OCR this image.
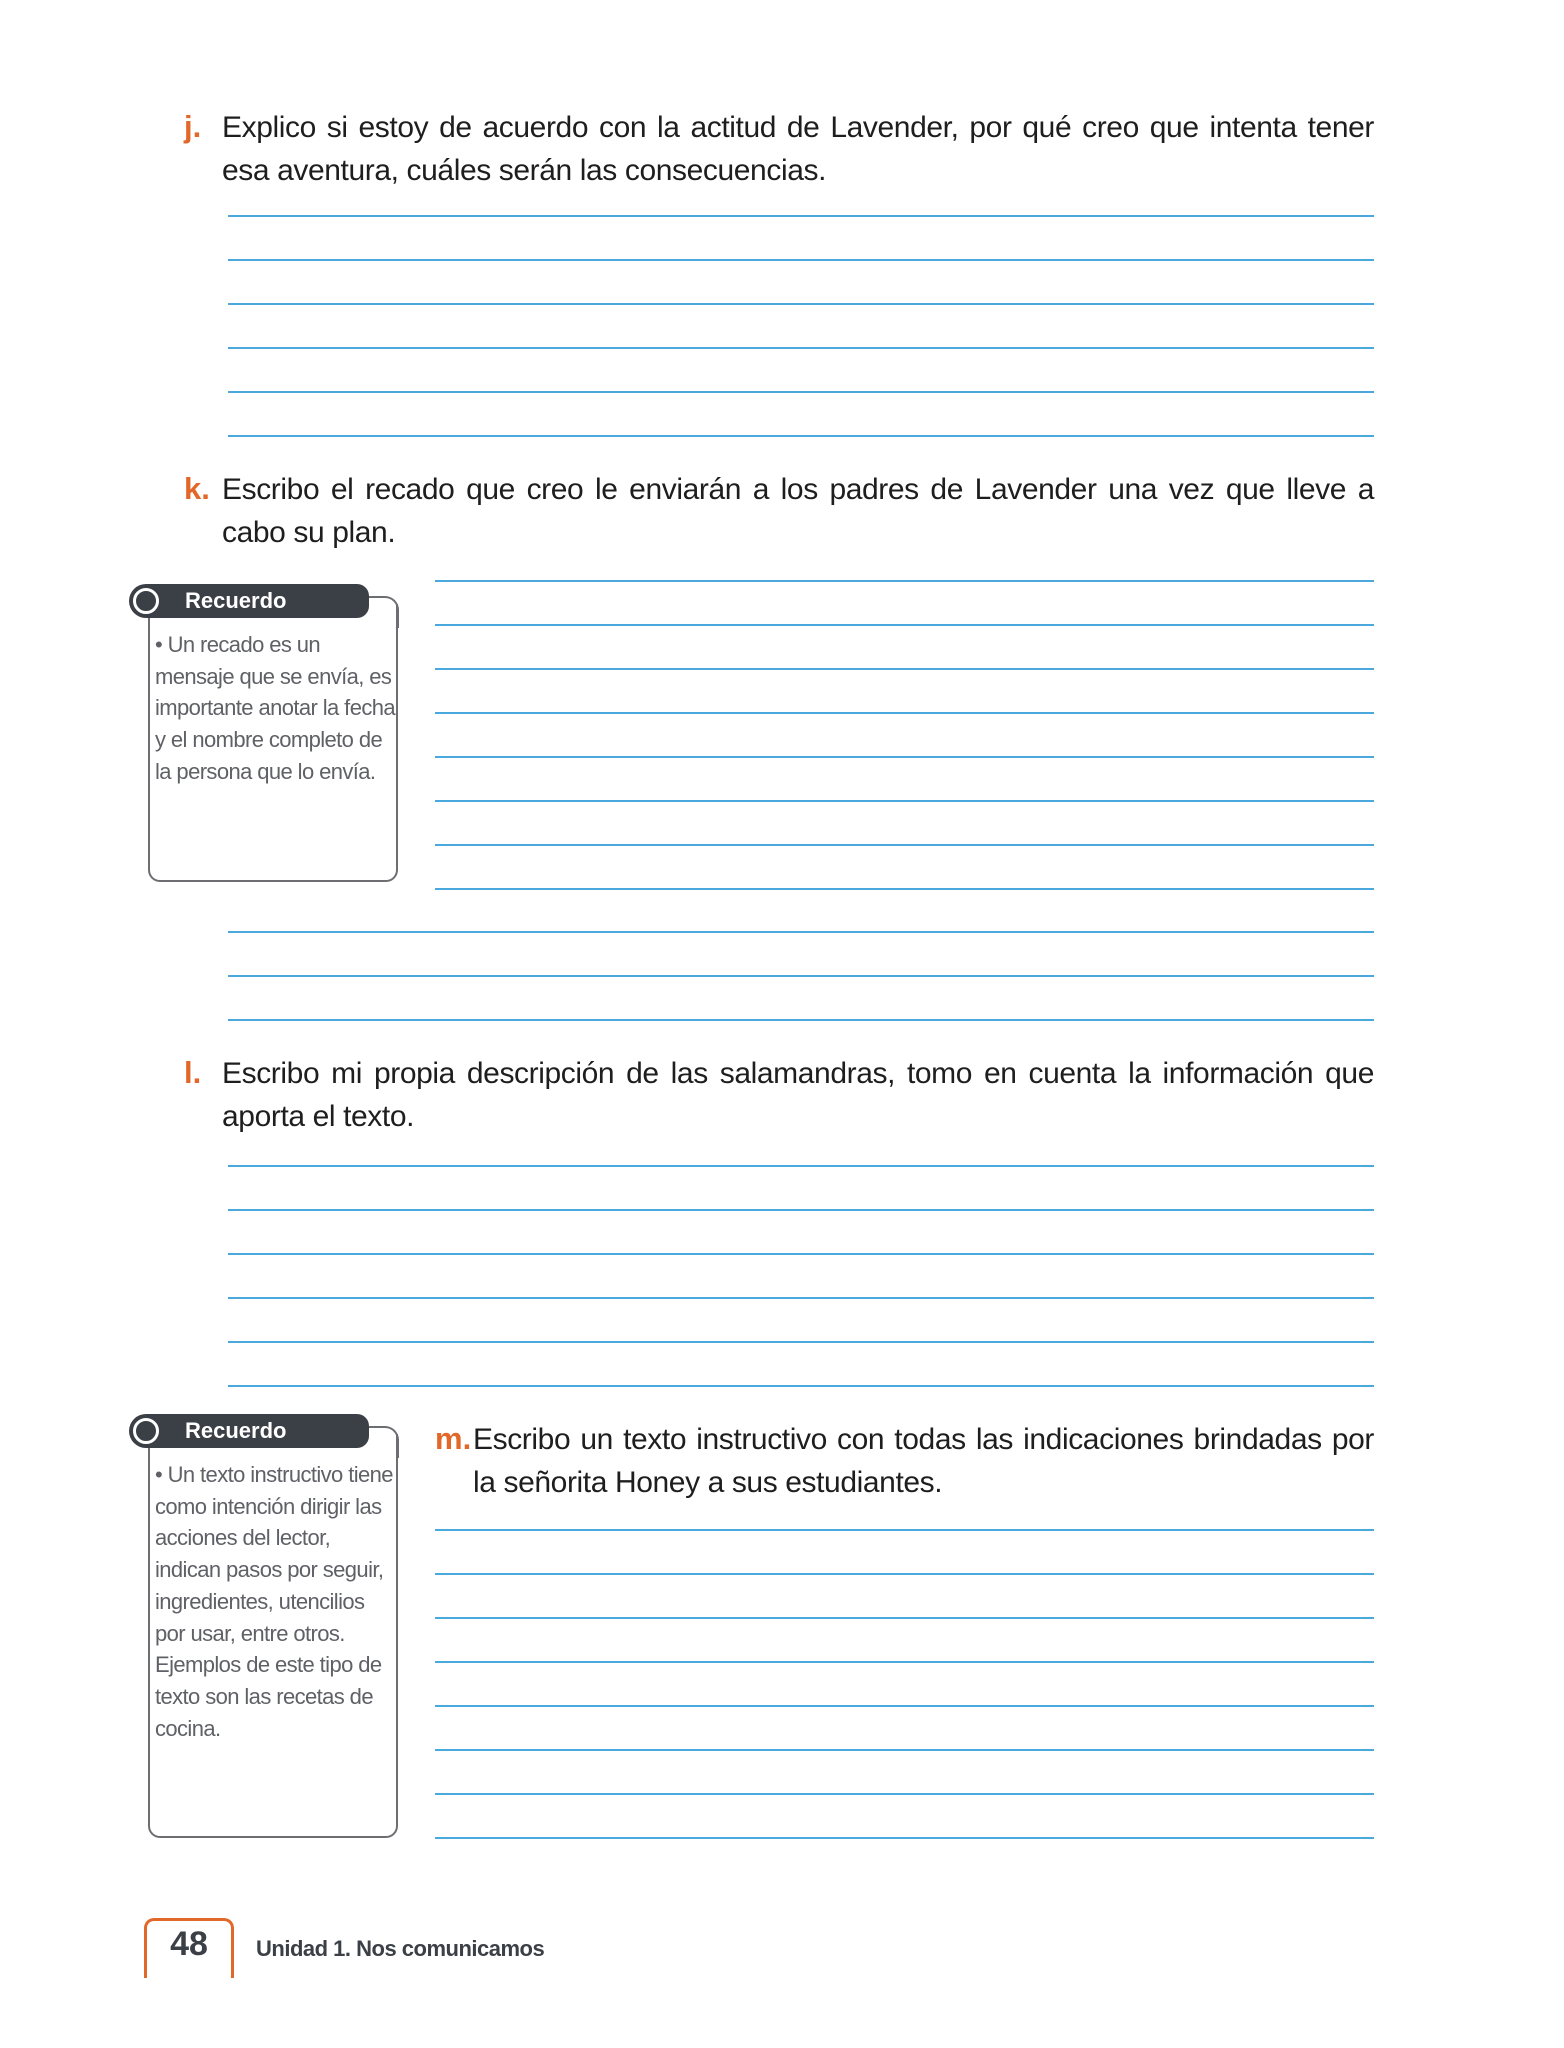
j. Explico si estoy de acuerdo con la actitud de Lavender, por qué creo que intenta tener esa aventura, cuáles serán las consecuencias.
k. Escribo el recado que creo le enviarán a los padres de Lavender una vez que lleve a cabo su plan.
Recuerdo
• Un recado es un mensaje que se envía, es importante anotar la fecha y el nombre completo de la persona que lo envía.
l. Escribo mi propia descripción de las salamandras, tomo en cuenta la información que aporta el texto.
Recuerdo
• Un texto instructivo tiene como intención dirigir las acciones del lector, indican pasos por seguir, ingredientes, utencilios por usar, entre otros. Ejemplos de este tipo de texto son las recetas de cocina.
m. Escribo un texto instructivo con todas las indicaciones brindadas por la señorita Honey a sus estudiantes.
48	Unidad 1. Nos comunicamos
